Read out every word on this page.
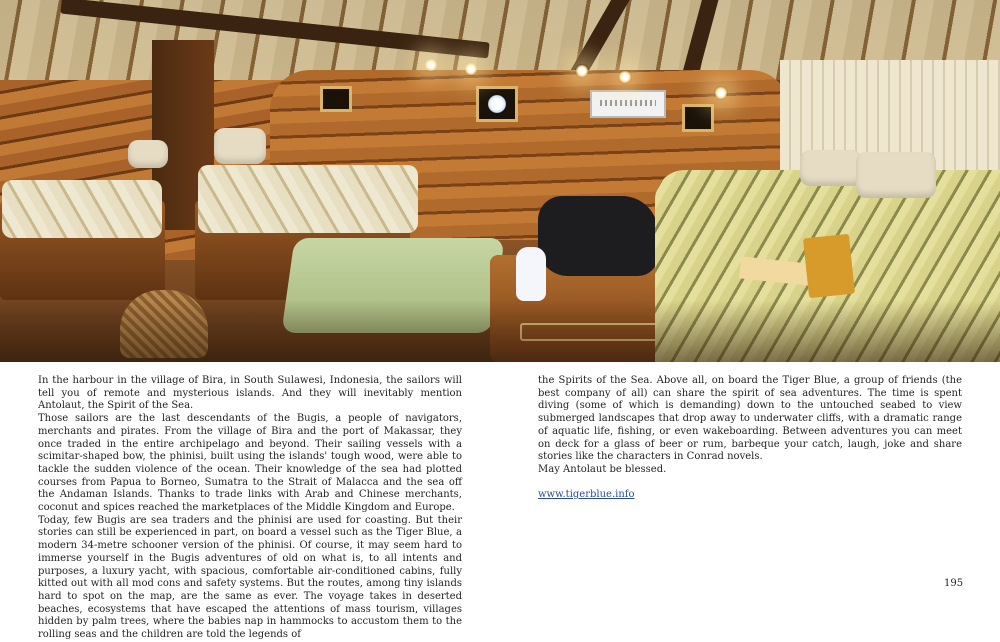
In the harbour in the village of Bira, in South Sulawesi, Indonesia, the sailors will tell you of remote and mysterious islands. And they will inevitably mention Antolaut, the Spirit of the Sea.

Those sailors are the last descendants of the Bugis, a people of navigators, merchants and pirates. From the village of Bira and the port of Makassar, they once traded in the entire archipelago and beyond. Their sailing vessels with a scimitar-shaped bow, the phinisi, built using the islands' tough wood, were able to tackle the sudden violence of the ocean. Their knowledge of the sea had plotted courses from Papua to Borneo, Sumatra to the Strait of Malacca and the sea off the Andaman Islands. Thanks to trade links with Arab and Chinese merchants, coconut and spices reached the marketplaces of the Middle Kingdom and Europe.

Today, few Bugis are sea traders and the phinisi are used for coasting. But their stories can still be experienced in part, on board a vessel such as the Tiger Blue, a modern 34-metre schooner version of the phinisi. Of course, it may seem hard to immerse yourself in the Bugis adventures of old on what is, to all intents and purposes, a luxury yacht, with spacious, comfortable air-conditioned cabins, fully kitted out with all mod cons and safety systems. But the routes, among tiny islands hard to spot on the map, are the same as ever. The voyage takes in deserted beaches, ecosystems that have escaped the attentions of mass tourism, villages hidden by palm trees, where the babies nap in hammocks to accustom them to the rolling seas and the children are told the legends of

the Spirits of the Sea. Above all, on board the Tiger Blue, a group of friends (the best company of all) can share the spirit of sea adventures. The time is spent diving (some of which is demanding) down to the untouched seabed to view submerged landscapes that drop away to underwater cliffs, with a dramatic range of aquatic life, fishing, or even wakeboarding. Between adventures you can meet on deck for a glass of beer or rum, barbeque your catch, laugh, joke and share stories like the characters in Conrad novels.

May Antolaut be blessed.

www.tigerblue.info
195
